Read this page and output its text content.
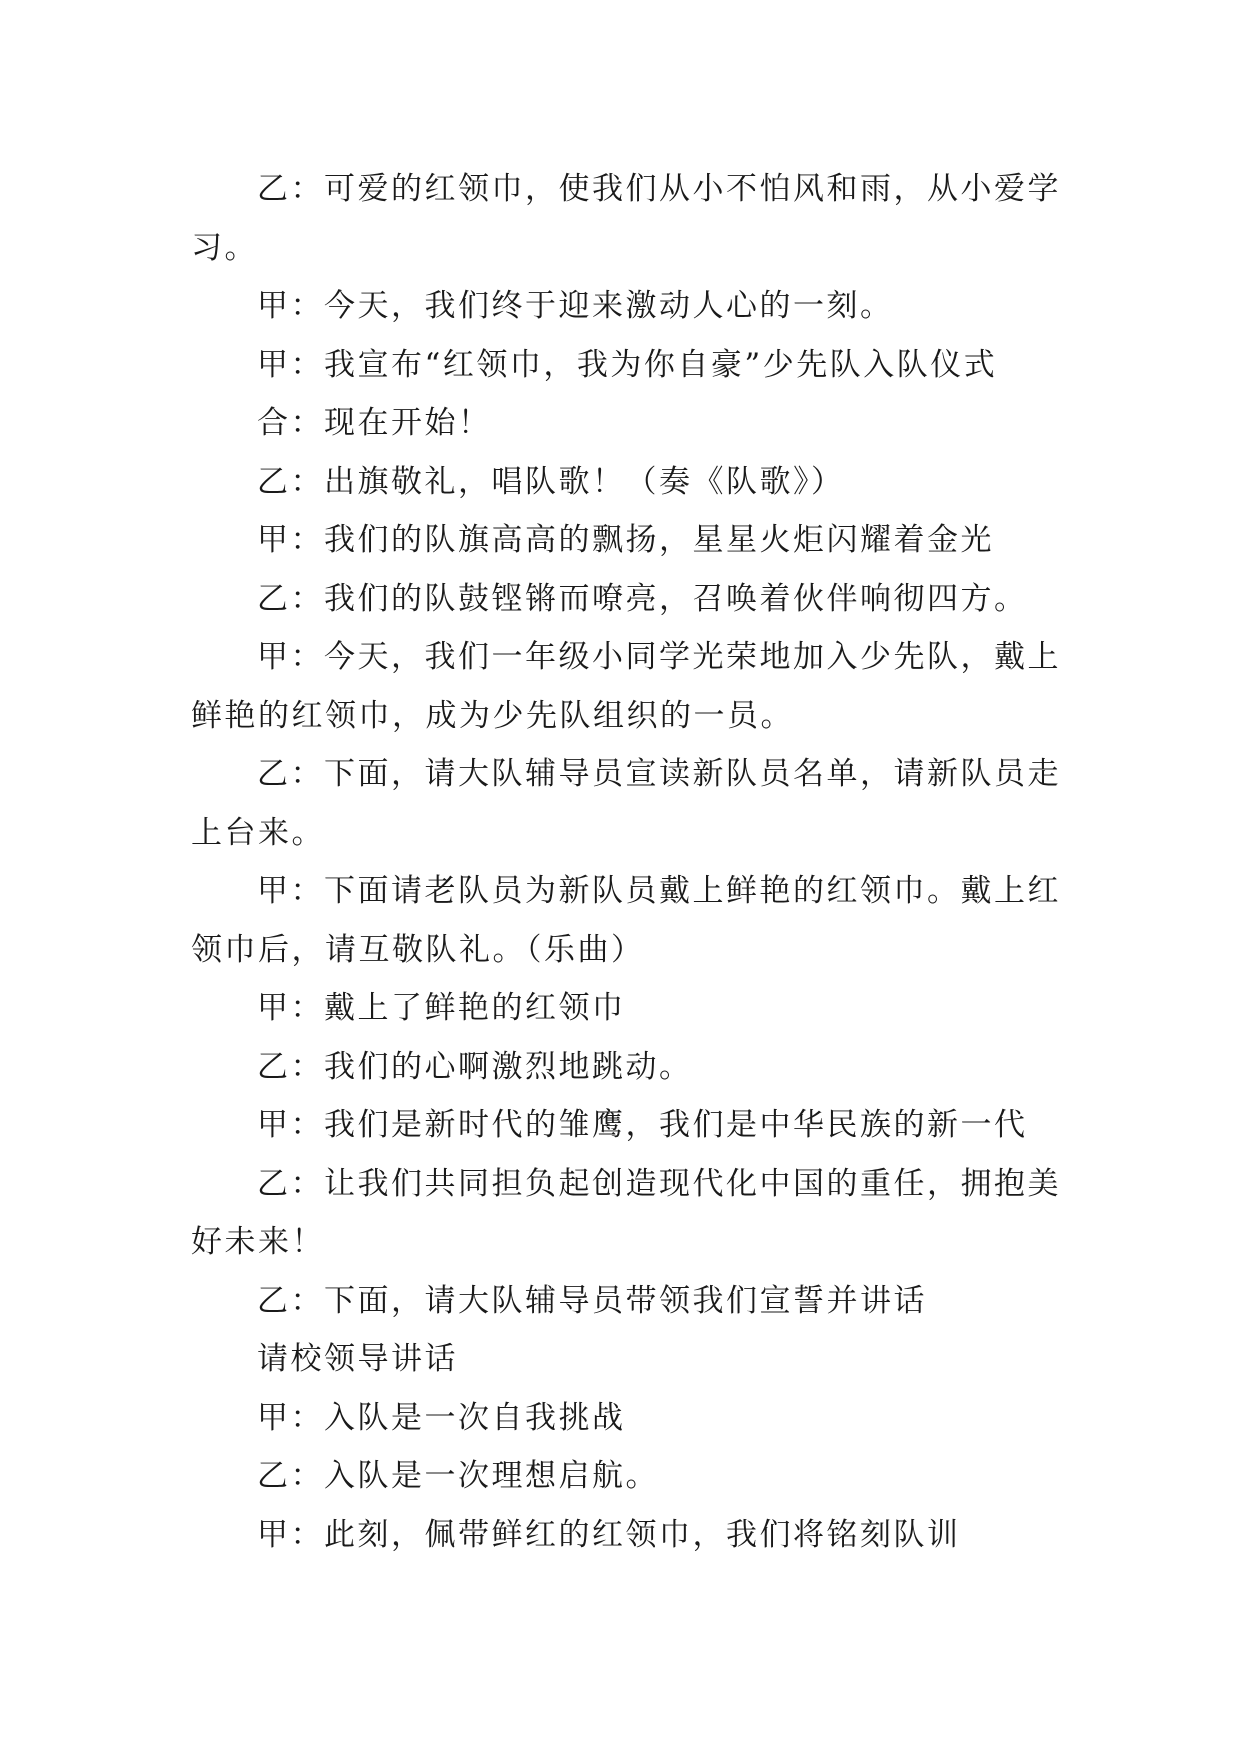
乙：可爱的红领巾，使我们从小不怕风和雨，从小爱学习。

甲：今天，我们终于迎来激动人心的一刻。

甲：我宣布“红领巾，我为你自豪”少先队入队仪式

合：现在开始！

乙：出旗敬礼，唱队歌！（奏《队歌》）

甲：我们的队旗高高的飘扬，星星火炬闪耀着金光

乙：我们的队鼓铿锵而嘹亮，召唤着伙伴响彻四方。

甲：今天，我们一年级小同学光荣地加入少先队，戴上鲜艳的红领巾，成为少先队组织的一员。

乙：下面，请大队辅导员宣读新队员名单，请新队员走上台来。

甲：下面请老队员为新队员戴上鲜艳的红领巾。戴上红领巾后，请互敬队礼。（乐曲）

甲：戴上了鲜艳的红领巾

乙：我们的心啊激烈地跳动。

甲：我们是新时代的雏鹰，我们是中华民族的新一代

乙：让我们共同担负起创造现代化中国的重任，拥抱美好未来！

乙：下面，请大队辅导员带领我们宣誓并讲话

请校领导讲话

甲：入队是一次自我挑战

乙：入队是一次理想启航。

甲：此刻，佩带鲜红的红领巾，我们将铭刻队训
